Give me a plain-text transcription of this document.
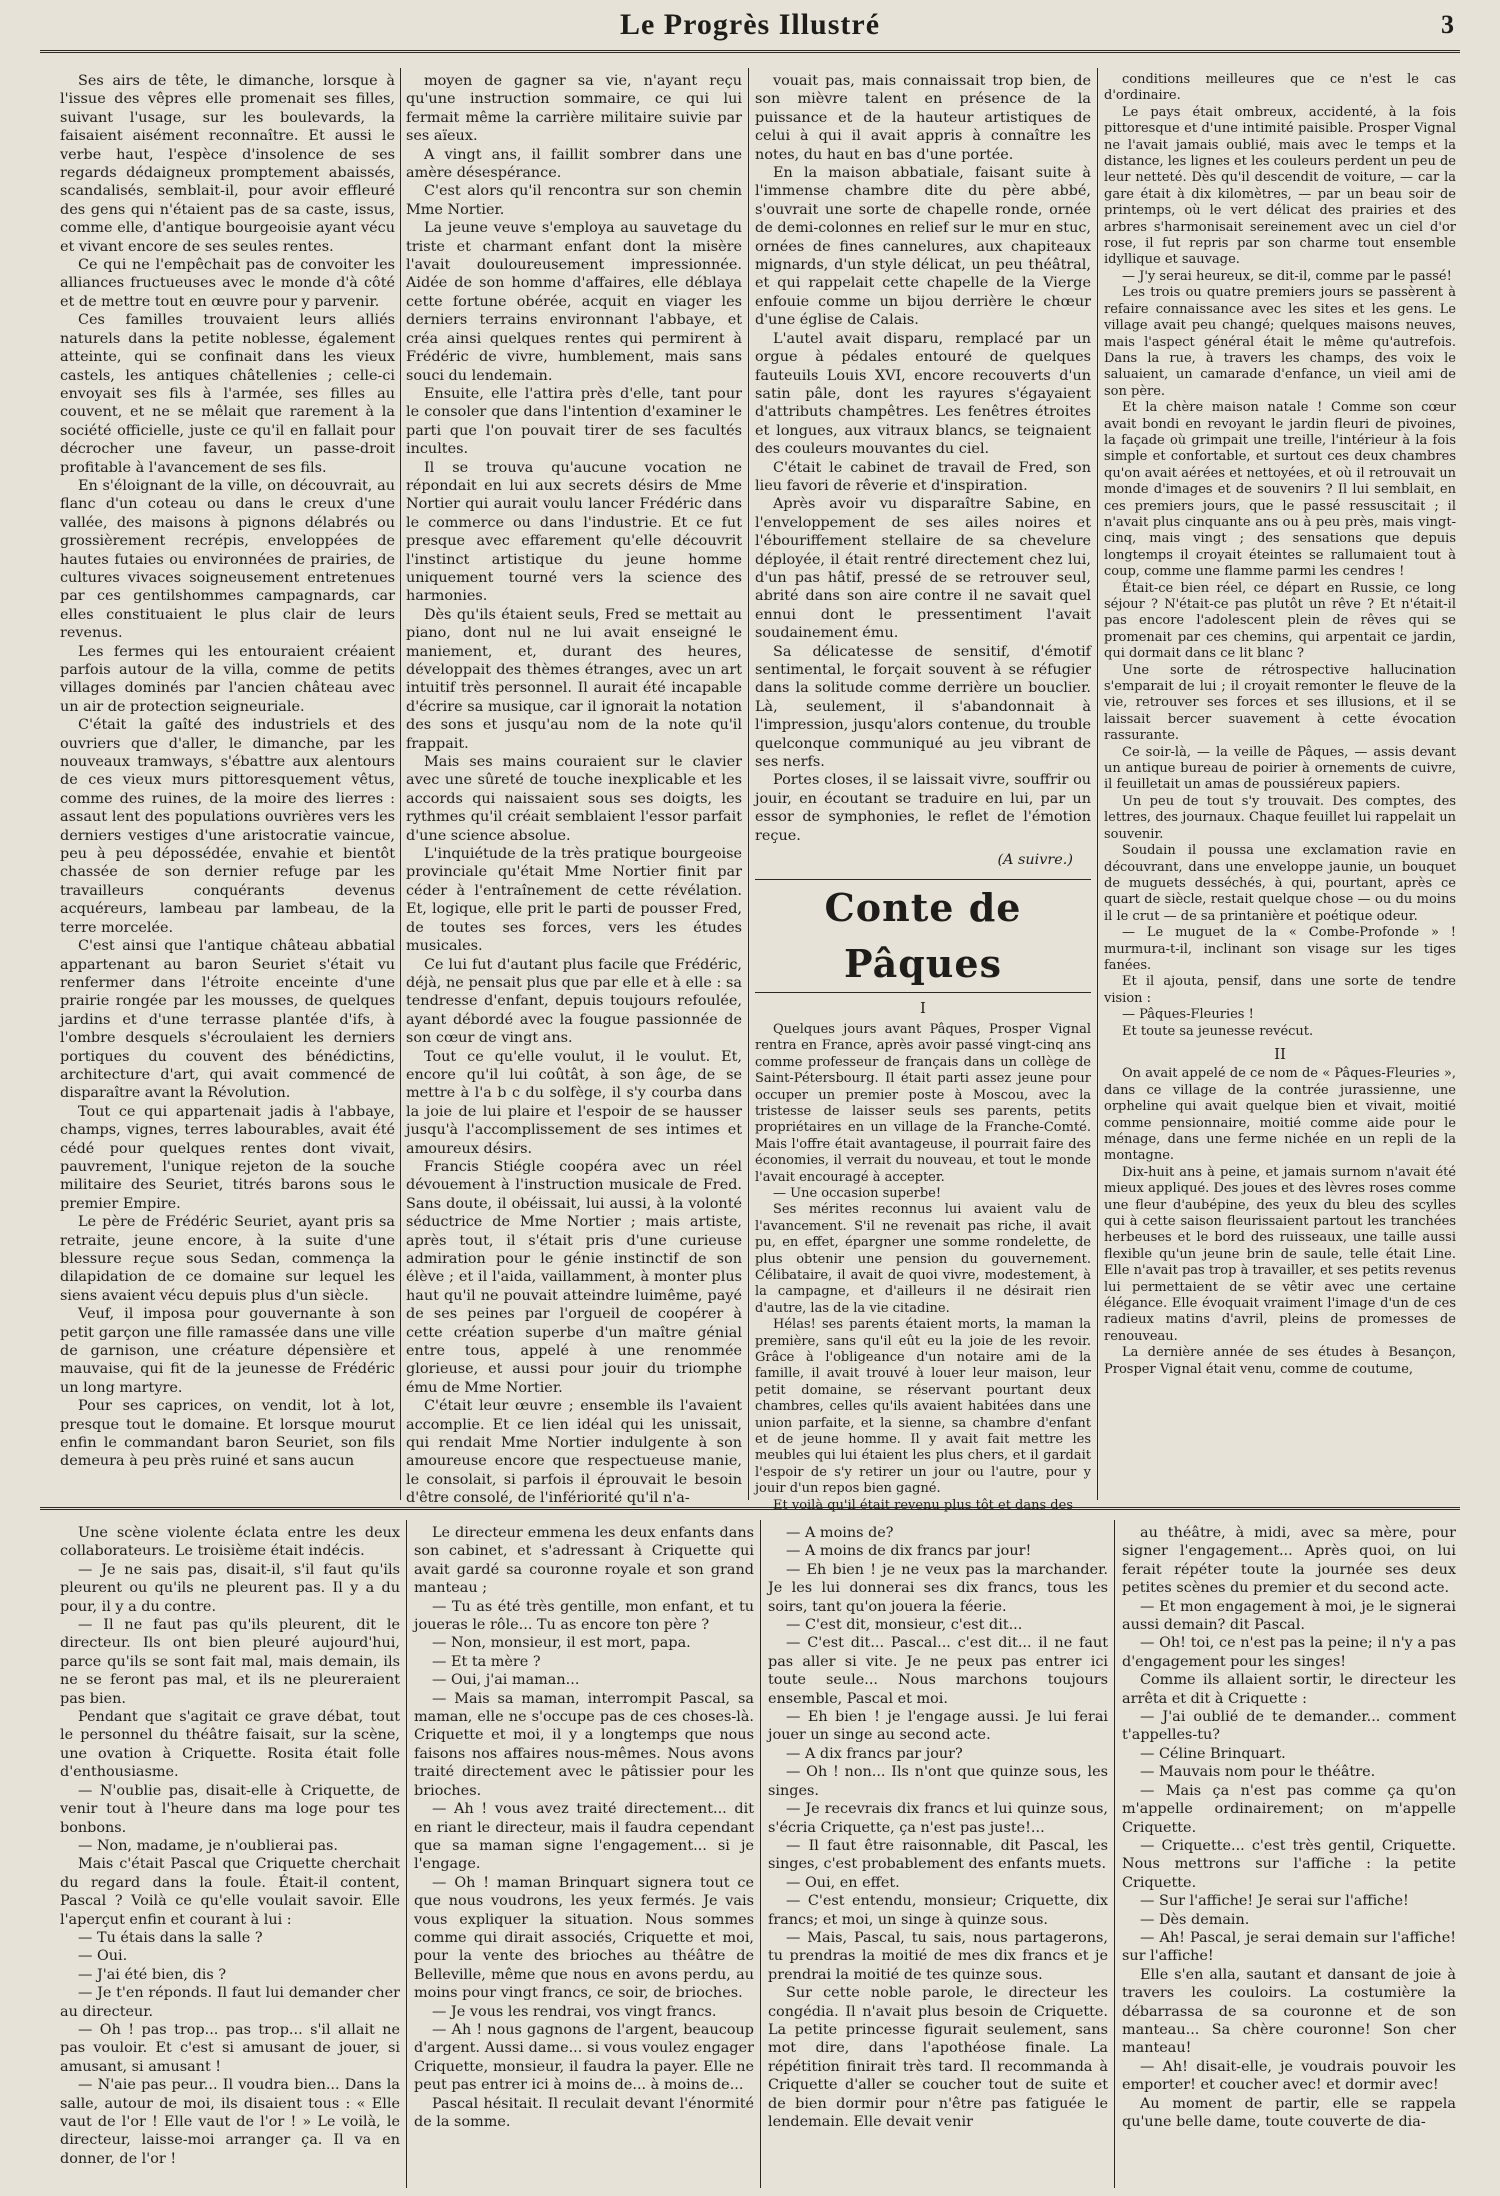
Le Progrès Illustré	3

Ses airs de tête, le dimanche, lorsque à l'issue des vêpres elle promenait ses filles, suivant l'usage, sur les boulevards, la faisaient aisément reconnaître. Et aussi le verbe haut, l'espèce d'insolence de ses regards dédaigneux promptement abaissés, scandalisés, semblait-il, pour avoir effleuré des gens qui n'étaient pas de sa caste, issus, comme elle, d'antique bourgeoisie ayant vécu et vivant encore de ses seules rentes.

Ce qui ne l'empêchait pas de convoiter les alliances fructueuses avec le monde d'à côté et de mettre tout en œuvre pour y parvenir.

Ces familles trouvaient leurs alliés naturels dans la petite noblesse, également atteinte, qui se confinait dans les vieux castels, les antiques châtellenies ; celle-ci envoyait ses fils à l'armée, ses filles au couvent, et ne se mêlait que rarement à la société officielle, juste ce qu'il en fallait pour décrocher une faveur, un passe-droit profitable à l'avancement de ses fils.

En s'éloignant de la ville, on découvrait, au flanc d'un coteau ou dans le creux d'une vallée, des maisons à pignons délabrés ou grossièrement recrépis, enveloppées de hautes futaies ou environnées de prairies, de cultures vivaces soigneusement entretenues par ces gentilshommes campagnards, car elles constituaient le plus clair de leurs revenus.

Les fermes qui les entouraient créaient parfois autour de la villa, comme de petits villages dominés par l'ancien château avec un air de protection seigneuriale.

C'était la gaîté des industriels et des ouvriers que d'aller, le dimanche, par les nouveaux tramways, s'ébattre aux alentours de ces vieux murs pittoresquement vêtus, comme des ruines, de la moire des lierres : assaut lent des populations ouvrières vers les derniers vestiges d'une aristocratie vaincue, peu à peu dépossédée, envahie et bientôt chassée de son dernier refuge par les travailleurs conquérants devenus acquéreurs, lambeau par lambeau, de la terre morcelée.

C'est ainsi que l'antique château abbatial appartenant au baron Seuriet s'était vu renfermer dans l'étroite enceinte d'une prairie rongée par les mousses, de quelques jardins et d'une terrasse plantée d'ifs, à l'ombre desquels s'écroulaient les derniers portiques du couvent des bénédictins, architecture d'art, qui avait commencé de disparaître avant la Révolution.

Tout ce qui appartenait jadis à l'abbaye, champs, vignes, terres labourables, avait été cédé pour quelques rentes dont vivait, pauvrement, l'unique rejeton de la souche militaire des Seuriet, titrés barons sous le premier Empire.

Le père de Frédéric Seuriet, ayant pris sa retraite, jeune encore, à la suite d'une blessure reçue sous Sedan, commença la dilapidation de ce domaine sur lequel les siens avaient vécu depuis plus d'un siècle.

Veuf, il imposa pour gouvernante à son petit garçon une fille ramassée dans une ville de garnison, une créature dépensière et mauvaise, qui fit de la jeunesse de Frédéric un long martyre.

Pour ses caprices, on vendit, lot à lot, presque tout le domaine. Et lorsque mourut enfin le commandant baron Seuriet, son fils demeura à peu près ruiné et sans aucun

moyen de gagner sa vie, n'ayant reçu qu'une instruction sommaire, ce qui lui fermait même la carrière militaire suivie par ses aïeux.

A vingt ans, il faillit sombrer dans une amère désespérance.

C'est alors qu'il rencontra sur son chemin Mme Nortier.

La jeune veuve s'employa au sauvetage du triste et charmant enfant dont la misère l'avait douloureusement impressionnée. Aidée de son homme d'affaires, elle déblaya cette fortune obérée, acquit en viager les derniers terrains environnant l'abbaye, et créa ainsi quelques rentes qui permirent à Frédéric de vivre, humblement, mais sans souci du lendemain.

Ensuite, elle l'attira près d'elle, tant pour le consoler que dans l'intention d'examiner le parti que l'on pouvait tirer de ses facultés incultes.

Il se trouva qu'aucune vocation ne répondait en lui aux secrets désirs de Mme Nortier qui aurait voulu lancer Frédéric dans le commerce ou dans l'industrie. Et ce fut presque avec effarement qu'elle découvrit l'instinct artistique du jeune homme uniquement tourné vers la science des harmonies.

Dès qu'ils étaient seuls, Fred se mettait au piano, dont nul ne lui avait enseigné le maniement, et, durant des heures, développait des thèmes étranges, avec un art intuitif très personnel. Il aurait été incapable d'écrire sa musique, car il ignorait la notation des sons et jusqu'au nom de la note qu'il frappait.

Mais ses mains couraient sur le clavier avec une sûreté de touche inexplicable et les accords qui naissaient sous ses doigts, les rythmes qu'il créait semblaient l'essor parfait d'une science absolue.

L'inquiétude de la très pratique bourgeoise provinciale qu'était Mme Nortier finit par céder à l'entraînement de cette révélation. Et, logique, elle prit le parti de pousser Fred, de toutes ses forces, vers les études musicales.

Ce lui fut d'autant plus facile que Frédéric, déjà, ne pensait plus que par elle et à elle : sa tendresse d'enfant, depuis toujours refoulée, ayant débordé avec la fougue passionnée de son cœur de vingt ans.

Tout ce qu'elle voulut, il le voulut. Et, encore qu'il lui coûtât, à son âge, de se mettre à l'a b c du solfège, il s'y courba dans la joie de lui plaire et l'espoir de se hausser jusqu'à l'accomplissement de ses intimes et amoureux désirs.

Francis Stiégle coopéra avec un réel dévouement à l'instruction musicale de Fred. Sans doute, il obéissait, lui aussi, à la volonté séductrice de Mme Nortier ; mais artiste, après tout, il s'était pris d'une curieuse admiration pour le génie instinctif de son élève ; et il l'aida, vaillamment, à monter plus haut qu'il ne pouvait atteindre luimême, payé de ses peines par l'orgueil de coopérer à cette création superbe d'un maître génial entre tous, appelé à une renommée glorieuse, et aussi pour jouir du triomphe ému de Mme Nortier.

C'était leur œuvre ; ensemble ils l'avaient accomplie. Et ce lien idéal qui les unissait, qui rendait Mme Nortier indulgente à son amoureuse encore que respectueuse manie, le consolait, si parfois il éprouvait le besoin d'être consolé, de l'infériorité qu'il n'a-

vouait pas, mais connaissait trop bien, de son mièvre talent en présence de la puissance et de la hauteur artistiques de celui à qui il avait appris à connaître les notes, du haut en bas d'une portée.

En la maison abbatiale, faisant suite à l'immense chambre dite du père abbé, s'ouvrait une sorte de chapelle ronde, ornée de demi-colonnes en relief sur le mur en stuc, ornées de fines cannelures, aux chapiteaux mignards, d'un style délicat, un peu théâtral, et qui rappelait cette chapelle de la Vierge enfouie comme un bijou derrière le chœur d'une église de Calais.

L'autel avait disparu, remplacé par un orgue à pédales entouré de quelques fauteuils Louis XVI, encore recouverts d'un satin pâle, dont les rayures s'égayaient d'attributs champêtres. Les fenêtres étroites et longues, aux vitraux blancs, se teignaient des couleurs mouvantes du ciel.

C'était le cabinet de travail de Fred, son lieu favori de rêverie et d'inspiration.

Après avoir vu disparaître Sabine, en l'enveloppement de ses ailes noires et l'ébouriffement stellaire de sa chevelure déployée, il était rentré directement chez lui, d'un pas hâtif, pressé de se retrouver seul, abrité dans son aire contre il ne savait quel ennui dont le pressentiment l'avait soudainement ému.

Sa délicatesse de sensitif, d'émotif sentimental, le forçait souvent à se réfugier dans la solitude comme derrière un bouclier. Là, seulement, il s'abandonnait à l'impression, jusqu'alors contenue, du trouble quelconque communiqué au jeu vibrant de ses nerfs.

Portes closes, il se laissait vivre, souffrir ou jouir, en écoutant se traduire en lui, par un essor de symphonies, le reflet de l'émotion reçue.

(A suivre.)

Conte de Pâques

I

Quelques jours avant Pâques, Prosper Vignal rentra en France, après avoir passé vingt-cinq ans comme professeur de français dans un collège de Saint-Pétersbourg. Il était parti assez jeune pour occuper un premier poste à Moscou, avec la tristesse de laisser seuls ses parents, petits propriétaires en un village de la Franche-Comté. Mais l'offre était avantageuse, il pourrait faire des économies, il verrait du nouveau, et tout le monde l'avait encouragé à accepter.

— Une occasion superbe!

Ses mérites reconnus lui avaient valu de l'avancement. S'il ne revenait pas riche, il avait pu, en effet, épargner une somme rondelette, de plus obtenir une pension du gouvernement. Célibataire, il avait de quoi vivre, modestement, à la campagne, et d'ailleurs il ne désirait rien d'autre, las de la vie citadine.

Hélas! ses parents étaient morts, la maman la première, sans qu'il eût eu la joie de les revoir. Grâce à l'obligeance d'un notaire ami de la famille, il avait trouvé à louer leur maison, leur petit domaine, se réservant pourtant deux chambres, celles qu'ils avaient habitées dans une union parfaite, et la sienne, sa chambre d'enfant et de jeune homme. Il y avait fait mettre les meubles qui lui étaient les plus chers, et il gardait l'espoir de s'y retirer un jour ou l'autre, pour y jouir d'un repos bien gagné.

Et voilà qu'il était revenu plus tôt et dans des

conditions meilleures que ce n'est le cas d'ordinaire.

Le pays était ombreux, accidenté, à la fois pittoresque et d'une intimité paisible. Prosper Vignal ne l'avait jamais oublié, mais avec le temps et la distance, les lignes et les couleurs perdent un peu de leur netteté. Dès qu'il descendit de voiture, — car la gare était à dix kilomètres, — par un beau soir de printemps, où le vert délicat des prairies et des arbres s'harmonisait sereinement avec un ciel d'or rose, il fut repris par son charme tout ensemble idyllique et sauvage.

— J'y serai heureux, se dit-il, comme par le passé!

Les trois ou quatre premiers jours se passèrent à refaire connaissance avec les sites et les gens. Le village avait peu changé; quelques maisons neuves, mais l'aspect général était le même qu'autrefois. Dans la rue, à travers les champs, des voix le saluaient, un camarade d'enfance, un vieil ami de son père.

Et la chère maison natale ! Comme son cœur avait bondi en revoyant le jardin fleuri de pivoines, la façade où grimpait une treille, l'intérieur à la fois simple et confortable, et surtout ces deux chambres qu'on avait aérées et nettoyées, et où il retrouvait un monde d'images et de souvenirs ? Il lui semblait, en ces premiers jours, que le passé ressuscitait ; il n'avait plus cinquante ans ou à peu près, mais vingt-cinq, mais vingt ; des sensations que depuis longtemps il croyait éteintes se rallumaient tout à coup, comme une flamme parmi les cendres !

Était-ce bien réel, ce départ en Russie, ce long séjour ? N'était-ce pas plutôt un rêve ? Et n'était-il pas encore l'adolescent plein de rêves qui se promenait par ces chemins, qui arpentait ce jardin, qui dormait dans ce lit blanc ?

Une sorte de rétrospective hallucination s'emparait de lui ; il croyait remonter le fleuve de la vie, retrouver ses forces et ses illusions, et il se laissait bercer suavement à cette évocation rassurante.

Ce soir-là, — la veille de Pâques, — assis devant un antique bureau de poirier à ornements de cuivre, il feuilletait un amas de poussiéreux papiers.

Un peu de tout s'y trouvait. Des comptes, des lettres, des journaux. Chaque feuillet lui rappelait un souvenir.

Soudain il poussa une exclamation ravie en découvrant, dans une enveloppe jaunie, un bouquet de muguets desséchés, à qui, pourtant, après ce quart de siècle, restait quelque chose — ou du moins il le crut — de sa printanière et poétique odeur.

— Le muguet de la « Combe-Profonde » ! murmura-t-il, inclinant son visage sur les tiges fanées.

Et il ajouta, pensif, dans une sorte de tendre vision :

— Pâques-Fleuries !

Et toute sa jeunesse revécut.

II

On avait appelé de ce nom de « Pâques-Fleuries », dans ce village de la contrée jurassienne, une orpheline qui avait quelque bien et vivait, moitié comme pensionnaire, moitié comme aide pour le ménage, dans une ferme nichée en un repli de la montagne.

Dix-huit ans à peine, et jamais surnom n'avait été mieux appliqué. Des joues et des lèvres roses comme une fleur d'aubépine, des yeux du bleu des scylles qui à cette saison fleurissaient partout les tranchées herbeuses et le bord des ruisseaux, une taille aussi flexible qu'un jeune brin de saule, telle était Line. Elle n'avait pas trop à travailler, et ses petits revenus lui permettaient de se vêtir avec une certaine élégance. Elle évoquait vraiment l'image d'un de ces radieux matins d'avril, pleins de promesses de renouveau.

La dernière année de ses études à Besançon, Prosper Vignal était venu, comme de coutume,

Une scène violente éclata entre les deux collaborateurs. Le troisième était indécis.

— Je ne sais pas, disait-il, s'il faut qu'ils pleurent ou qu'ils ne pleurent pas. Il y a du pour, il y a du contre.

— Il ne faut pas qu'ils pleurent, dit le directeur. Ils ont bien pleuré aujourd'hui, parce qu'ils se sont fait mal, mais demain, ils ne se feront pas mal, et ils ne pleureraient pas bien.

Pendant que s'agitait ce grave débat, tout le personnel du théâtre faisait, sur la scène, une ovation à Criquette. Rosita était folle d'enthousiasme.

— N'oublie pas, disait-elle à Criquette, de venir tout à l'heure dans ma loge pour tes bonbons.

— Non, madame, je n'oublierai pas.

Mais c'était Pascal que Criquette cherchait du regard dans la foule. Était-il content, Pascal ? Voilà ce qu'elle voulait savoir. Elle l'aperçut enfin et courant à lui :

— Tu étais dans la salle ?

— Oui.

— J'ai été bien, dis ?

— Je t'en réponds. Il faut lui demander cher au directeur.

— Oh ! pas trop... pas trop... s'il allait ne pas vouloir. Et c'est si amusant de jouer, si amusant, si amusant !

— N'aie pas peur... Il voudra bien... Dans la salle, autour de moi, ils disaient tous : « Elle vaut de l'or ! Elle vaut de l'or ! » Le voilà, le directeur, laisse-moi arranger ça. Il va en donner, de l'or !

Le directeur emmena les deux enfants dans son cabinet, et s'adressant à Criquette qui avait gardé sa couronne royale et son grand manteau ;

— Tu as été très gentille, mon enfant, et tu joueras le rôle... Tu as encore ton père ?

— Non, monsieur, il est mort, papa.

— Et ta mère ?

— Oui, j'ai maman...

— Mais sa maman, interrompit Pascal, sa maman, elle ne s'occupe pas de ces choses-là. Criquette et moi, il y a longtemps que nous faisons nos affaires nous-mêmes. Nous avons traité directement avec le pâtissier pour les brioches.

— Ah ! vous avez traité directement... dit en riant le directeur, mais il faudra cependant que sa maman signe l'engagement... si je l'engage.

— Oh ! maman Brinquart signera tout ce que nous voudrons, les yeux fermés. Je vais vous expliquer la situation. Nous sommes comme qui dirait associés, Criquette et moi, pour la vente des brioches au théâtre de Belleville, même que nous en avons perdu, au moins pour vingt francs, ce soir, de brioches.

— Je vous les rendrai, vos vingt francs.

— Ah ! nous gagnons de l'argent, beaucoup d'argent. Aussi dame... si vous voulez engager Criquette, monsieur, il faudra la payer. Elle ne peut pas entrer ici à moins de... à moins de...

Pascal hésitait. Il reculait devant l'énormité de la somme.

— A moins de?

— A moins de dix francs par jour!

— Eh bien ! je ne veux pas la marchander. Je les lui donnerai ses dix francs, tous les soirs, tant qu'on jouera la féerie.

— C'est dit, monsieur, c'est dit...

— C'est dit... Pascal... c'est dit... il ne faut pas aller si vite. Je ne peux pas entrer ici toute seule... Nous marchons toujours ensemble, Pascal et moi.

— Eh bien ! je l'engage aussi. Je lui ferai jouer un singe au second acte.

— A dix francs par jour?

— Oh ! non... Ils n'ont que quinze sous, les singes.

— Je recevrais dix francs et lui quinze sous, s'écria Criquette, ça n'est pas juste!...

— Il faut être raisonnable, dit Pascal, les singes, c'est probablement des enfants muets.

— Oui, en effet.

— C'est entendu, monsieur; Criquette, dix francs; et moi, un singe à quinze sous.

— Mais, Pascal, tu sais, nous partagerons, tu prendras la moitié de mes dix francs et je prendrai la moitié de tes quinze sous.

Sur cette noble parole, le directeur les congédia. Il n'avait plus besoin de Criquette. La petite princesse figurait seulement, sans mot dire, dans l'apothéose finale. La répétition finirait très tard. Il recommanda à Criquette d'aller se coucher tout de suite et de bien dormir pour n'être pas fatiguée le lendemain. Elle devait venir

au théâtre, à midi, avec sa mère, pour signer l'engagement... Après quoi, on lui ferait répéter toute la journée ses deux petites scènes du premier et du second acte.

— Et mon engagement à moi, je le signerai aussi demain? dit Pascal.

— Oh! toi, ce n'est pas la peine; il n'y a pas d'engagement pour les singes!

Comme ils allaient sortir, le directeur les arrêta et dit à Criquette :

— J'ai oublié de te demander... comment t'appelles-tu?

— Céline Brinquart.

— Mauvais nom pour le théâtre.

— Mais ça n'est pas comme ça qu'on m'appelle ordinairement; on m'appelle Criquette.

— Criquette... c'est très gentil, Criquette. Nous mettrons sur l'affiche : la petite Criquette.

— Sur l'affiche! Je serai sur l'affiche!

— Dès demain.

— Ah! Pascal, je serai demain sur l'affiche! sur l'affiche!

Elle s'en alla, sautant et dansant de joie à travers les couloirs. La costumière la débarrassa de sa couronne et de son manteau... Sa chère couronne! Son cher manteau!

— Ah! disait-elle, je voudrais pouvoir les emporter! et coucher avec! et dormir avec!

Au moment de partir, elle se rappela qu'une belle dame, toute couverte de dia-
